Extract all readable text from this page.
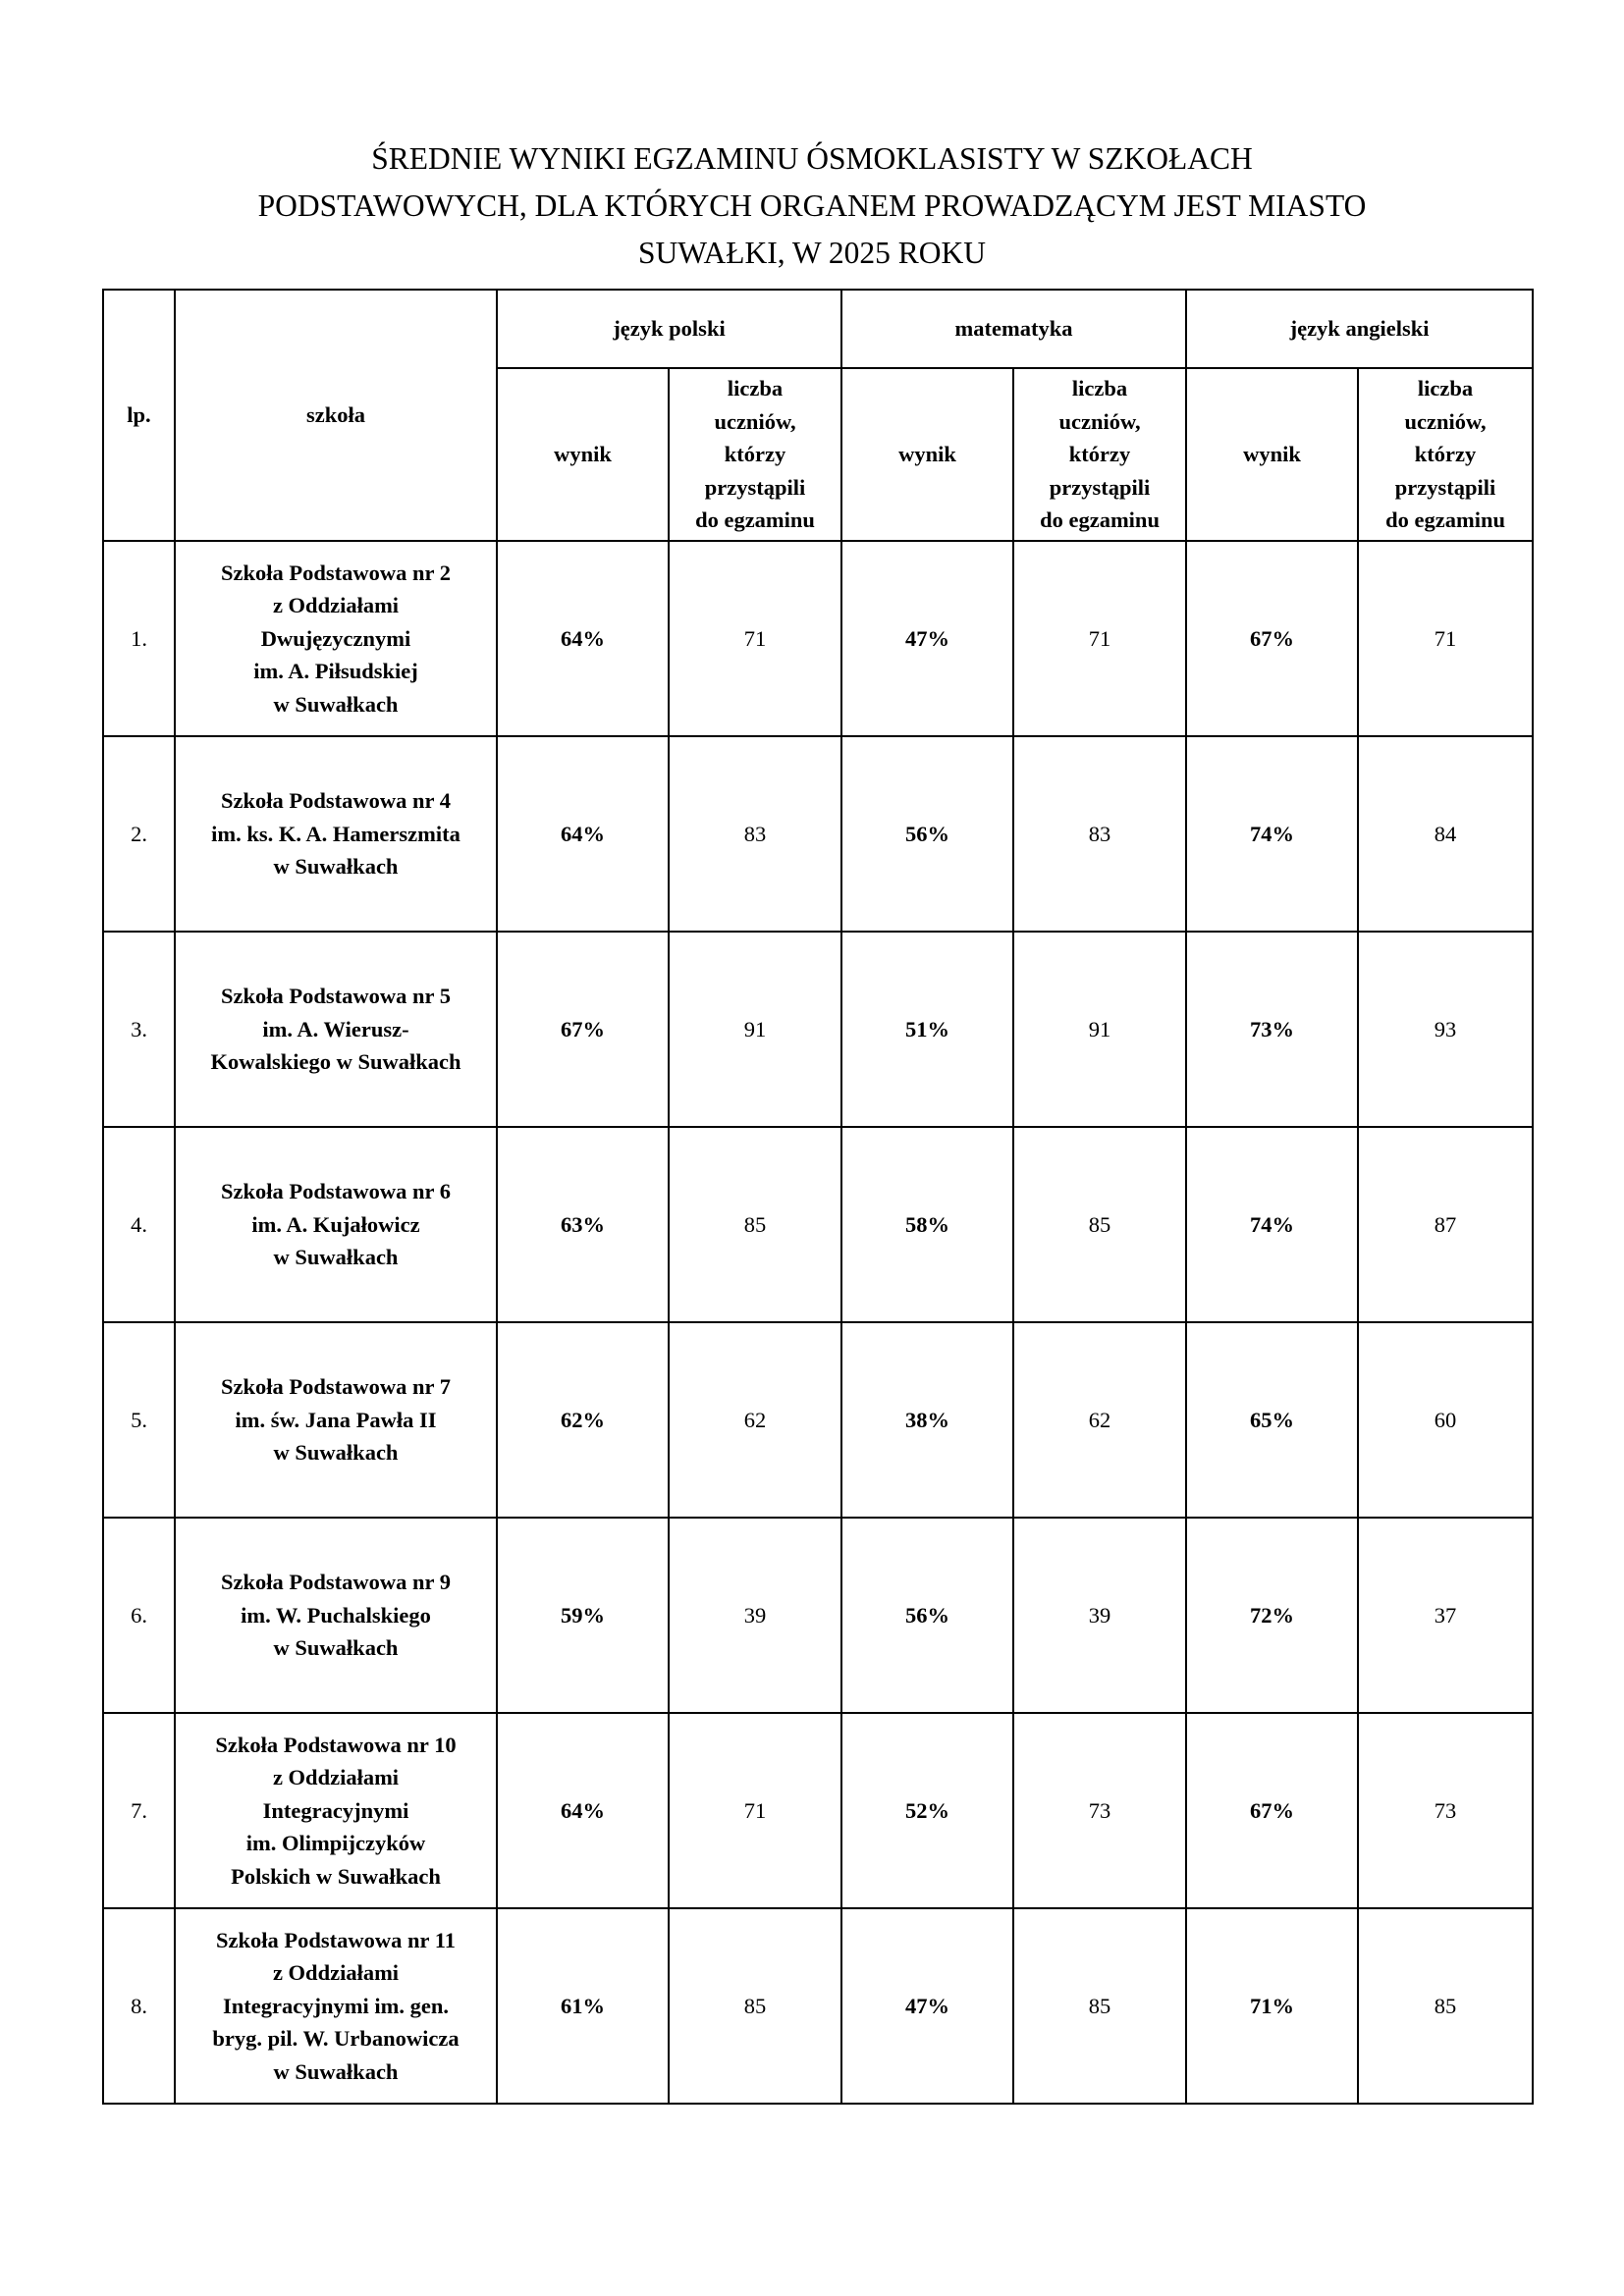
ŚREDNIE WYNIKI EGZAMINU ÓSMOKLASISTY W SZKOŁACH
PODSTAWOWYCH, DLA KTÓRYCH ORGANEM PROWADZĄCYM JEST MIASTO
SUWAŁKI, W 2025 ROKU
lp.	szkoła	język polski		matematyka		język angielski	
		wynik	liczba
uczniów,
którzy
przystąpili
do egzaminu	wynik	liczba
uczniów,
którzy
przystąpili
do egzaminu	wynik	liczba
uczniów,
którzy
przystąpili
do egzaminu
1.	Szkoła Podstawowa nr 2
z Oddziałami
Dwujęzycznymi
im. A. Piłsudskiej
w Suwałkach	64%	71	47%	71	67%	71
2.	Szkoła Podstawowa nr 4
im. ks. K. A. Hamerszmita
w Suwałkach	64%	83	56%	83	74%	84
3.	Szkoła Podstawowa nr 5
im. A. Wierusz-
Kowalskiego w Suwałkach	67%	91	51%	91	73%	93
4.	Szkoła Podstawowa nr 6
im. A. Kujałowicz
w Suwałkach	63%	85	58%	85	74%	87
5.	Szkoła Podstawowa nr 7
im. św. Jana Pawła II
w Suwałkach	62%	62	38%	62	65%	60
6.	Szkoła Podstawowa nr 9
im. W. Puchalskiego
w Suwałkach	59%	39	56%	39	72%	37
7.	Szkoła Podstawowa nr 10
z Oddziałami
Integracyjnymi
im. Olimpijczyków
Polskich w Suwałkach	64%	71	52%	73	67%	73
8.	Szkoła Podstawowa nr 11
z Oddziałami
Integracyjnymi im. gen.
bryg. pil. W. Urbanowicza
w Suwałkach	61%	85	47%	85	71%	85
